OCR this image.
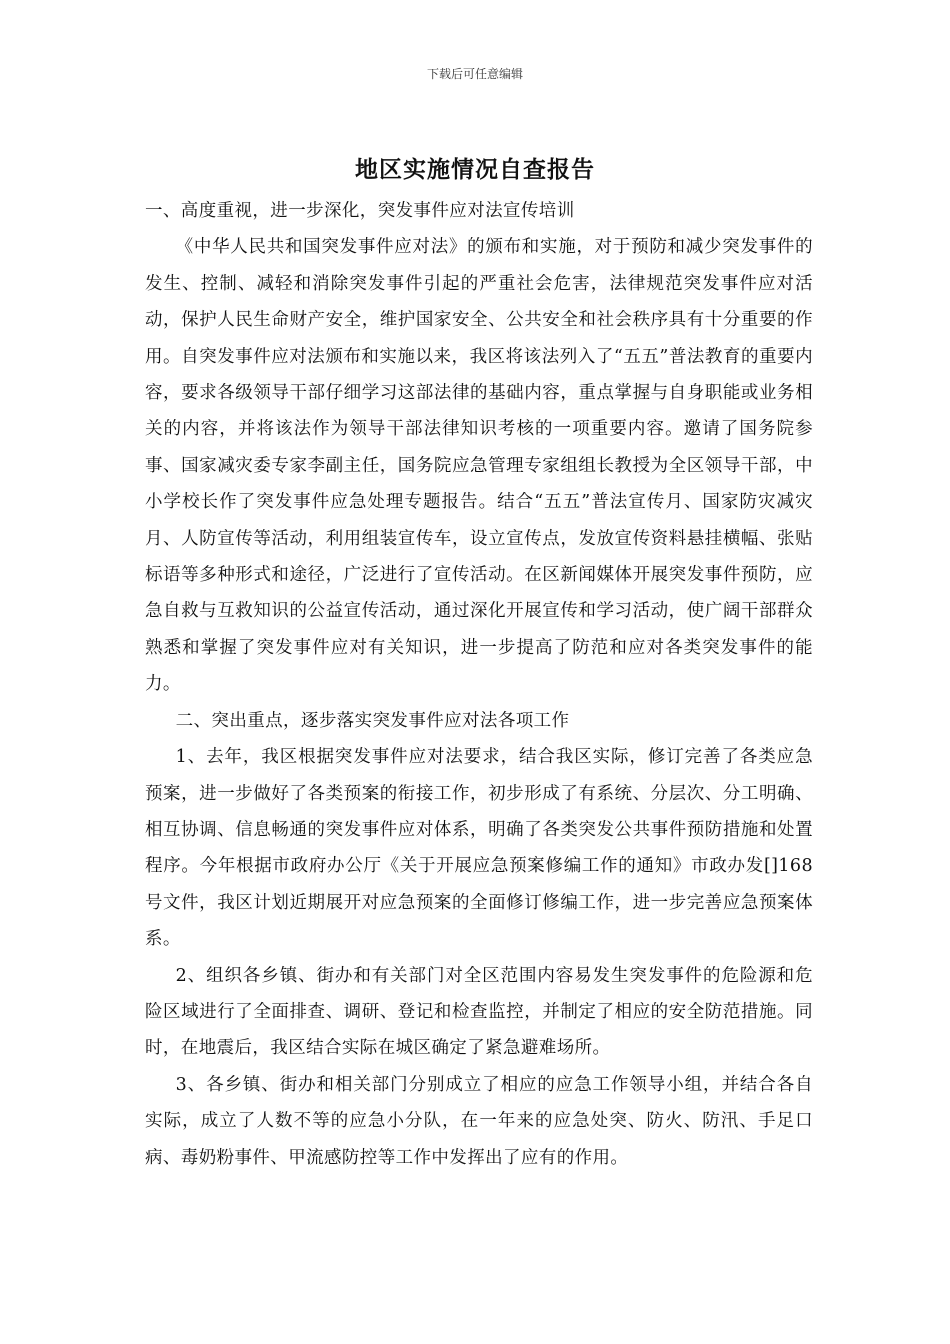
下载后可任意编辑
地区实施情况自查报告

一、高度重视，进一步深化，突发事件应对法宣传培训

《中华人民共和国突发事件应对法》的颁布和实施，对于预防和减少突发事件的发生、控制、减轻和消除突发事件引起的严重社会危害，法律规范突发事件应对活动，保护人民生命财产安全，维护国家安全、公共安全和社会秩序具有十分重要的作用。自突发事件应对法颁布和实施以来，我区将该法列入了“五五”普法教育的重要内容，要求各级领导干部仔细学习这部法律的基础内容，重点掌握与自身职能或业务相关的内容，并将该法作为领导干部法律知识考核的一项重要内容。邀请了国务院参事、国家减灾委专家李副主任，国务院应急管理专家组组长教授为全区领导干部，中小学校长作了突发事件应急处理专题报告。结合“五五”普法宣传月、国家防灾减灾月、人防宣传等活动，利用组装宣传车，设立宣传点，发放宣传资料悬挂横幅、张贴标语等多种形式和途径，广泛进行了宣传活动。在区新闻媒体开展突发事件预防，应急自救与互救知识的公益宣传活动，通过深化开展宣传和学习活动，使广阔干部群众熟悉和掌握了突发事件应对有关知识，进一步提高了防范和应对各类突发事件的能力。

二、突出重点，逐步落实突发事件应对法各项工作

1、去年，我区根据突发事件应对法要求，结合我区实际，修订完善了各类应急预案，进一步做好了各类预案的衔接工作，初步形成了有系统、分层次、分工明确、相互协调、信息畅通的突发事件应对体系，明确了各类突发公共事件预防措施和处置程序。今年根据市政府办公厅《关于开展应急预案修编工作的通知》市政办发[]168号文件，我区计划近期展开对应急预案的全面修订修编工作，进一步完善应急预案体系。

2、组织各乡镇、街办和有关部门对全区范围内容易发生突发事件的危险源和危险区域进行了全面排查、调研、登记和检查监控，并制定了相应的安全防范措施。同时，在地震后，我区结合实际在城区确定了紧急避难场所。

3、各乡镇、街办和相关部门分别成立了相应的应急工作领导小组，并结合各自实际，成立了人数不等的应急小分队，在一年来的应急处突、防火、防汛、手足口病、毒奶粉事件、甲流感防控等工作中发挥出了应有的作用。
